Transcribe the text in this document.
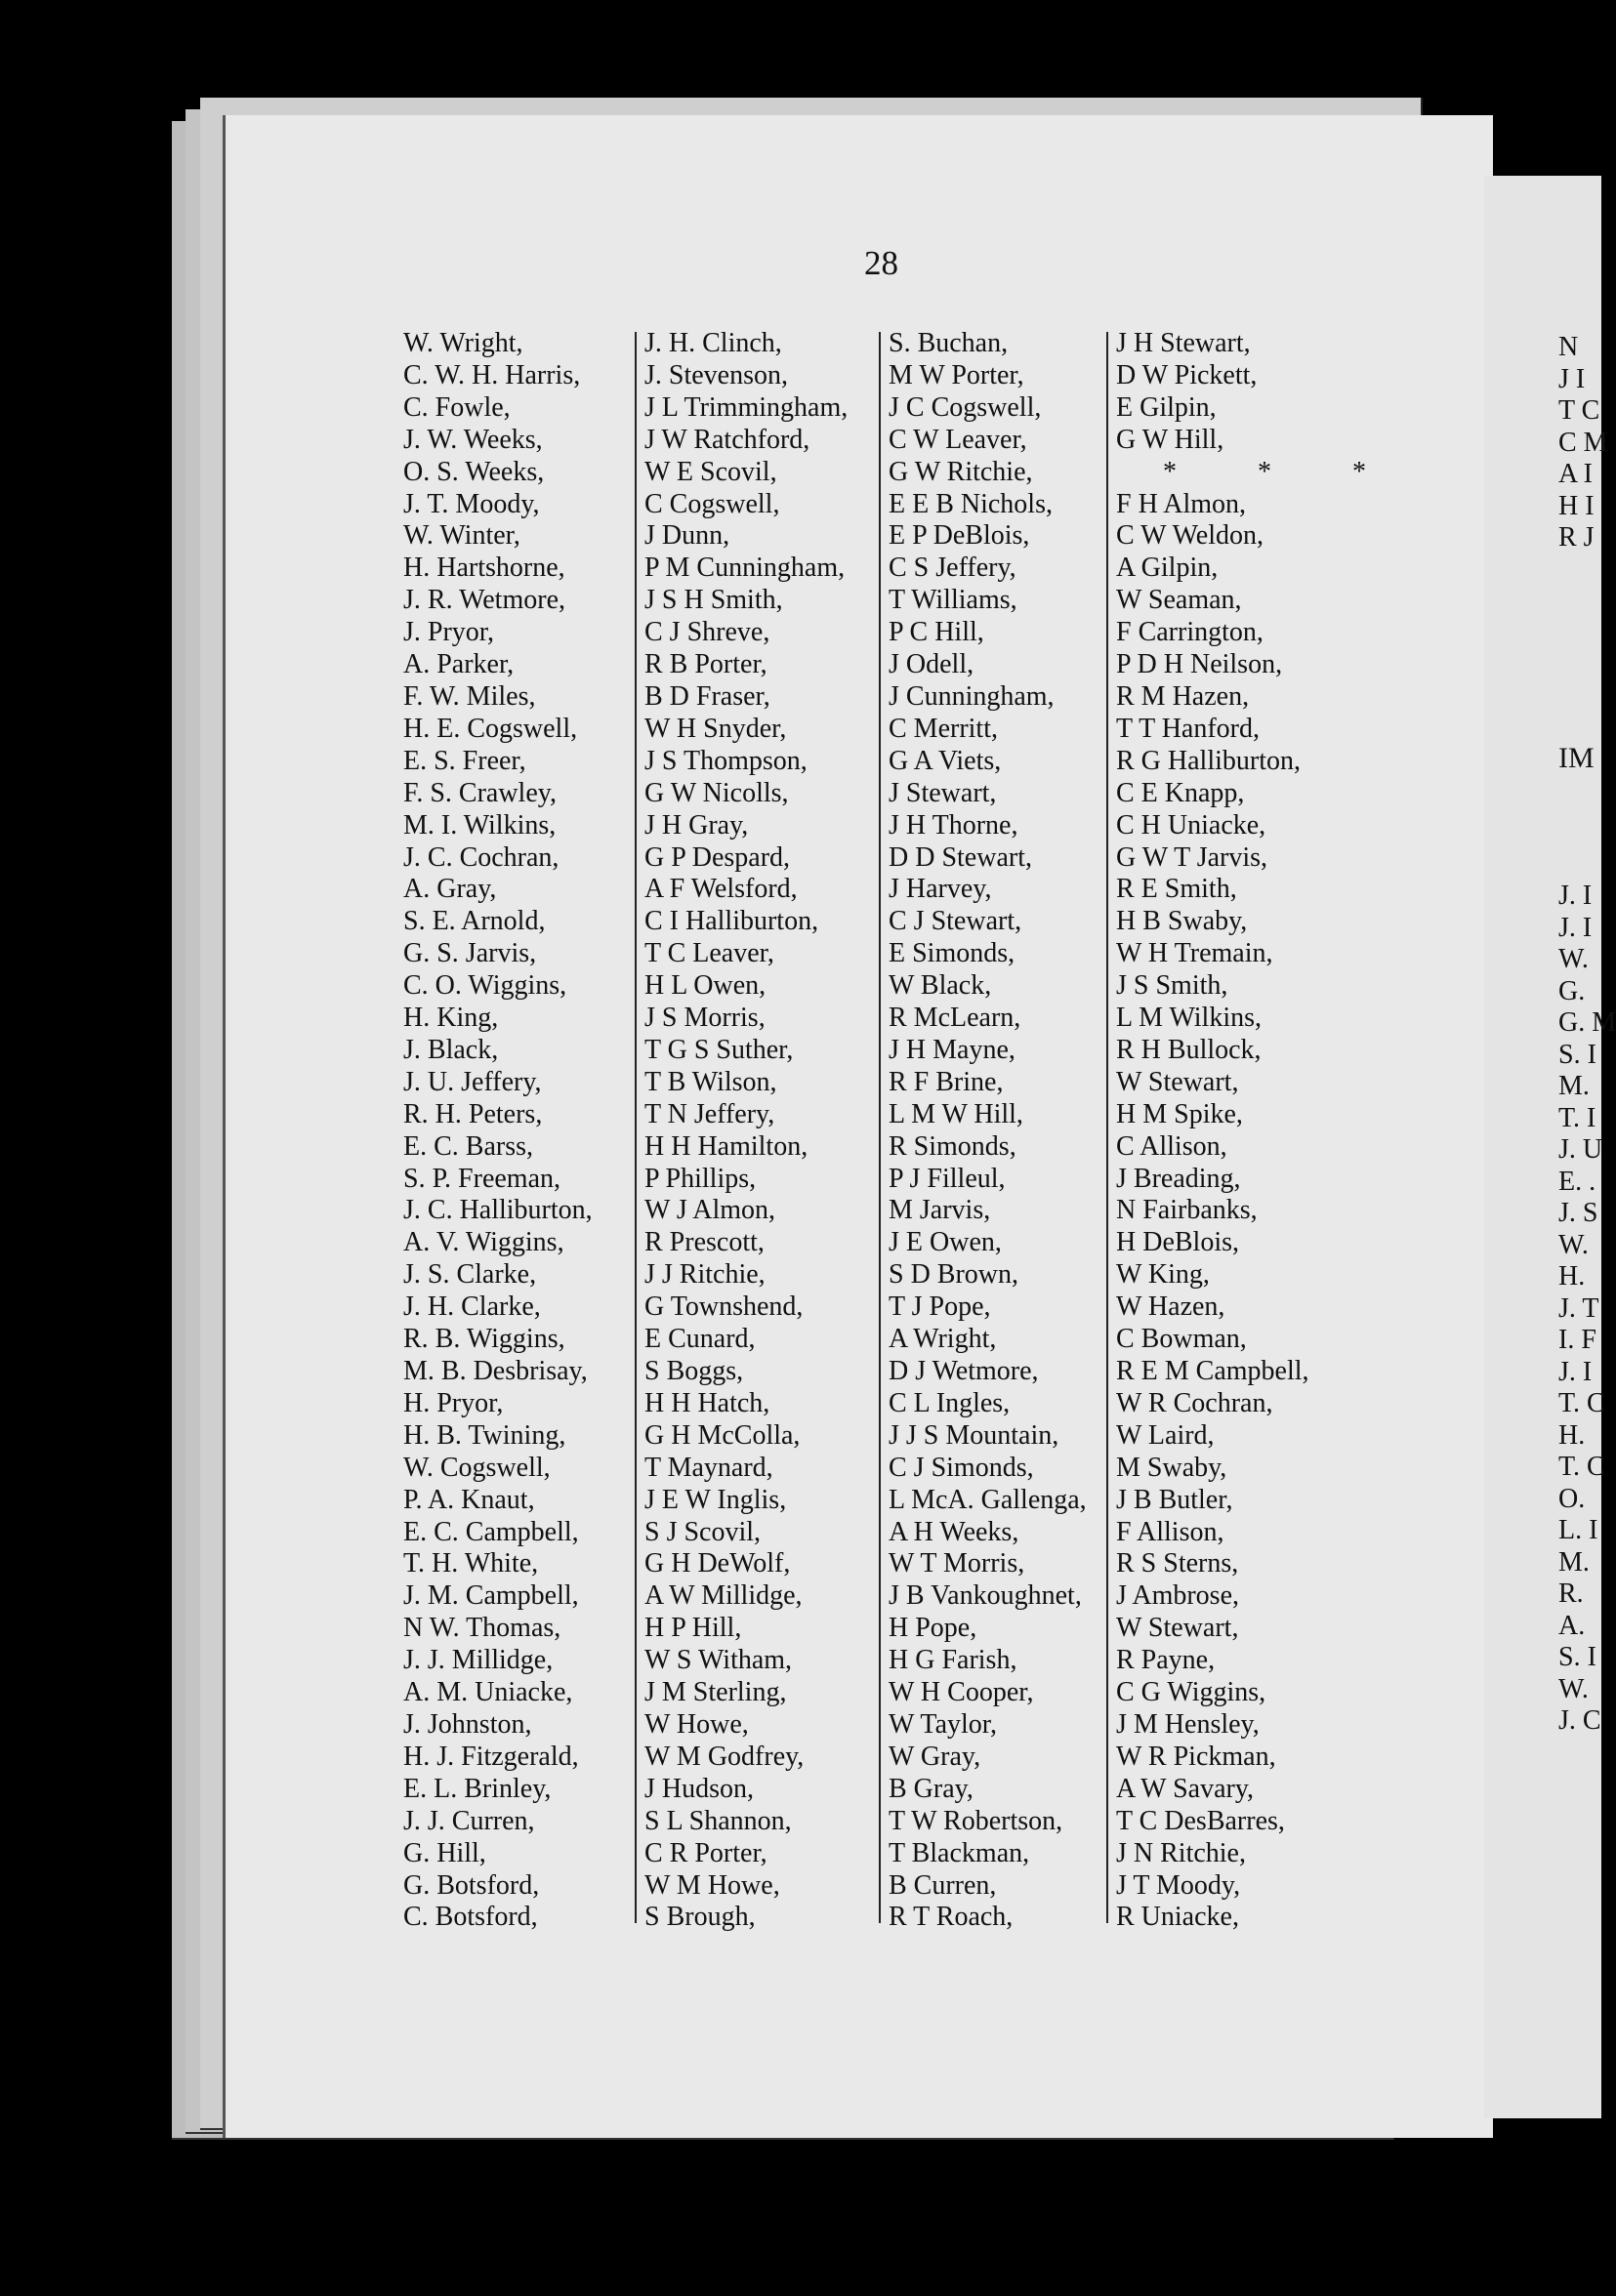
28
W. Wright,
C. W. H. Harris,
C. Fowle,
J. W. Weeks,
O. S. Weeks,
J. T. Moody,
W. Winter,
H. Hartshorne,
J. R. Wetmore,
J. Pryor,
A. Parker,
F. W. Miles,
H. E. Cogswell,
E. S. Freer,
F. S. Crawley,
M. I. Wilkins,
J. C. Cochran,
A. Gray,
S. E. Arnold,
G. S. Jarvis,
C. O. Wiggins,
H. King,
J. Black,
J. U. Jeffery,
R. H. Peters,
E. C. Barss,
S. P. Freeman,
J. C. Halliburton,
A. V. Wiggins,
J. S. Clarke,
J. H. Clarke,
R. B. Wiggins,
M. B. Desbrisay,
H. Pryor,
H. B. Twining,
W. Cogswell,
P. A. Knaut,
E. C. Campbell,
T. H. White,
J. M. Campbell,
N W. Thomas,
J. J. Millidge,
A. M. Uniacke,
J. Johnston,
H. J. Fitzgerald,
E. L. Brinley,
J. J. Curren,
G. Hill,
G. Botsford,
C. Botsford,
J. H. Clinch,
J. Stevenson,
J L Trimmingham,
J W Ratchford,
W E Scovil,
C Cogswell,
J Dunn,
P M Cunningham,
J S H Smith,
C J Shreve,
R B Porter,
B D Fraser,
W H Snyder,
J S Thompson,
G W Nicolls,
J H Gray,
G P Despard,
A F Welsford,
C I Halliburton,
T C Leaver,
H L Owen,
J S Morris,
T G S Suther,
T B Wilson,
T N Jeffery,
H H Hamilton,
P Phillips,
W J Almon,
R Prescott,
J J Ritchie,
G Townshend,
E Cunard,
S Boggs,
H H Hatch,
G H McColla,
T Maynard,
J E W Inglis,
S J Scovil,
G H DeWolf,
A W Millidge,
H P Hill,
W S Witham,
J M Sterling,
W Howe,
W M Godfrey,
J Hudson,
S L Shannon,
C R Porter,
W M Howe,
S Brough,
S. Buchan,
M W Porter,
J C Cogswell,
C W Leaver,
G W Ritchie,
E E B Nichols,
E P DeBlois,
C S Jeffery,
T Williams,
P C Hill,
J Odell,
J Cunningham,
C Merritt,
G A Viets,
J Stewart,
J H Thorne,
D D Stewart,
J Harvey,
C J Stewart,
E Simonds,
W Black,
R McLearn,
J H Mayne,
R F Brine,
L M W Hill,
R Simonds,
P J Filleul,
M Jarvis,
J E Owen,
S D Brown,
T J Pope,
A Wright,
D J Wetmore,
C L Ingles,
J J S Mountain,
C J Simonds,
L McA. Gallenga,
A H Weeks,
W T Morris,
J B Vankoughnet,
H Pope,
H G Farish,
W H Cooper,
W Taylor,
W Gray,
B Gray,
T W Robertson,
T Blackman,
B Curren,
R T Roach,
J H Stewart,
D W Pickett,
E Gilpin,
G W Hill,
* * *
F H Almon,
C W Weldon,
A Gilpin,
W Seaman,
F Carrington,
P D H Neilson,
R M Hazen,
T T Hanford,
R G Halliburton,
C E Knapp,
C H Uniacke,
G W T Jarvis,
R E Smith,
H B Swaby,
W H Tremain,
J S Smith,
L M Wilkins,
R H Bullock,
W Stewart,
H M Spike,
C Allison,
J Breading,
N Fairbanks,
H DeBlois,
W King,
W Hazen,
C Bowman,
R E M Campbell,
W R Cochran,
W Laird,
M Swaby,
J B Butler,
F Allison,
R S Sterns,
J Ambrose,
W Stewart,
R Payne,
C G Wiggins,
J M Hensley,
W R Pickman,
A W Savary,
T C DesBarres,
J N Ritchie,
J T Moody,
R Uniacke,
N
J I
T C
C M
A I
H I
R J
IM
J. I
J. I
W.
G.
G. M
S. I
M.
T. I
J. U
E. .
J. S
W.
H.
J. T
I. F
J. I
T. C
H.
T. C
O.
L. I
M.
R.
A.
S. I
W.
J. C
